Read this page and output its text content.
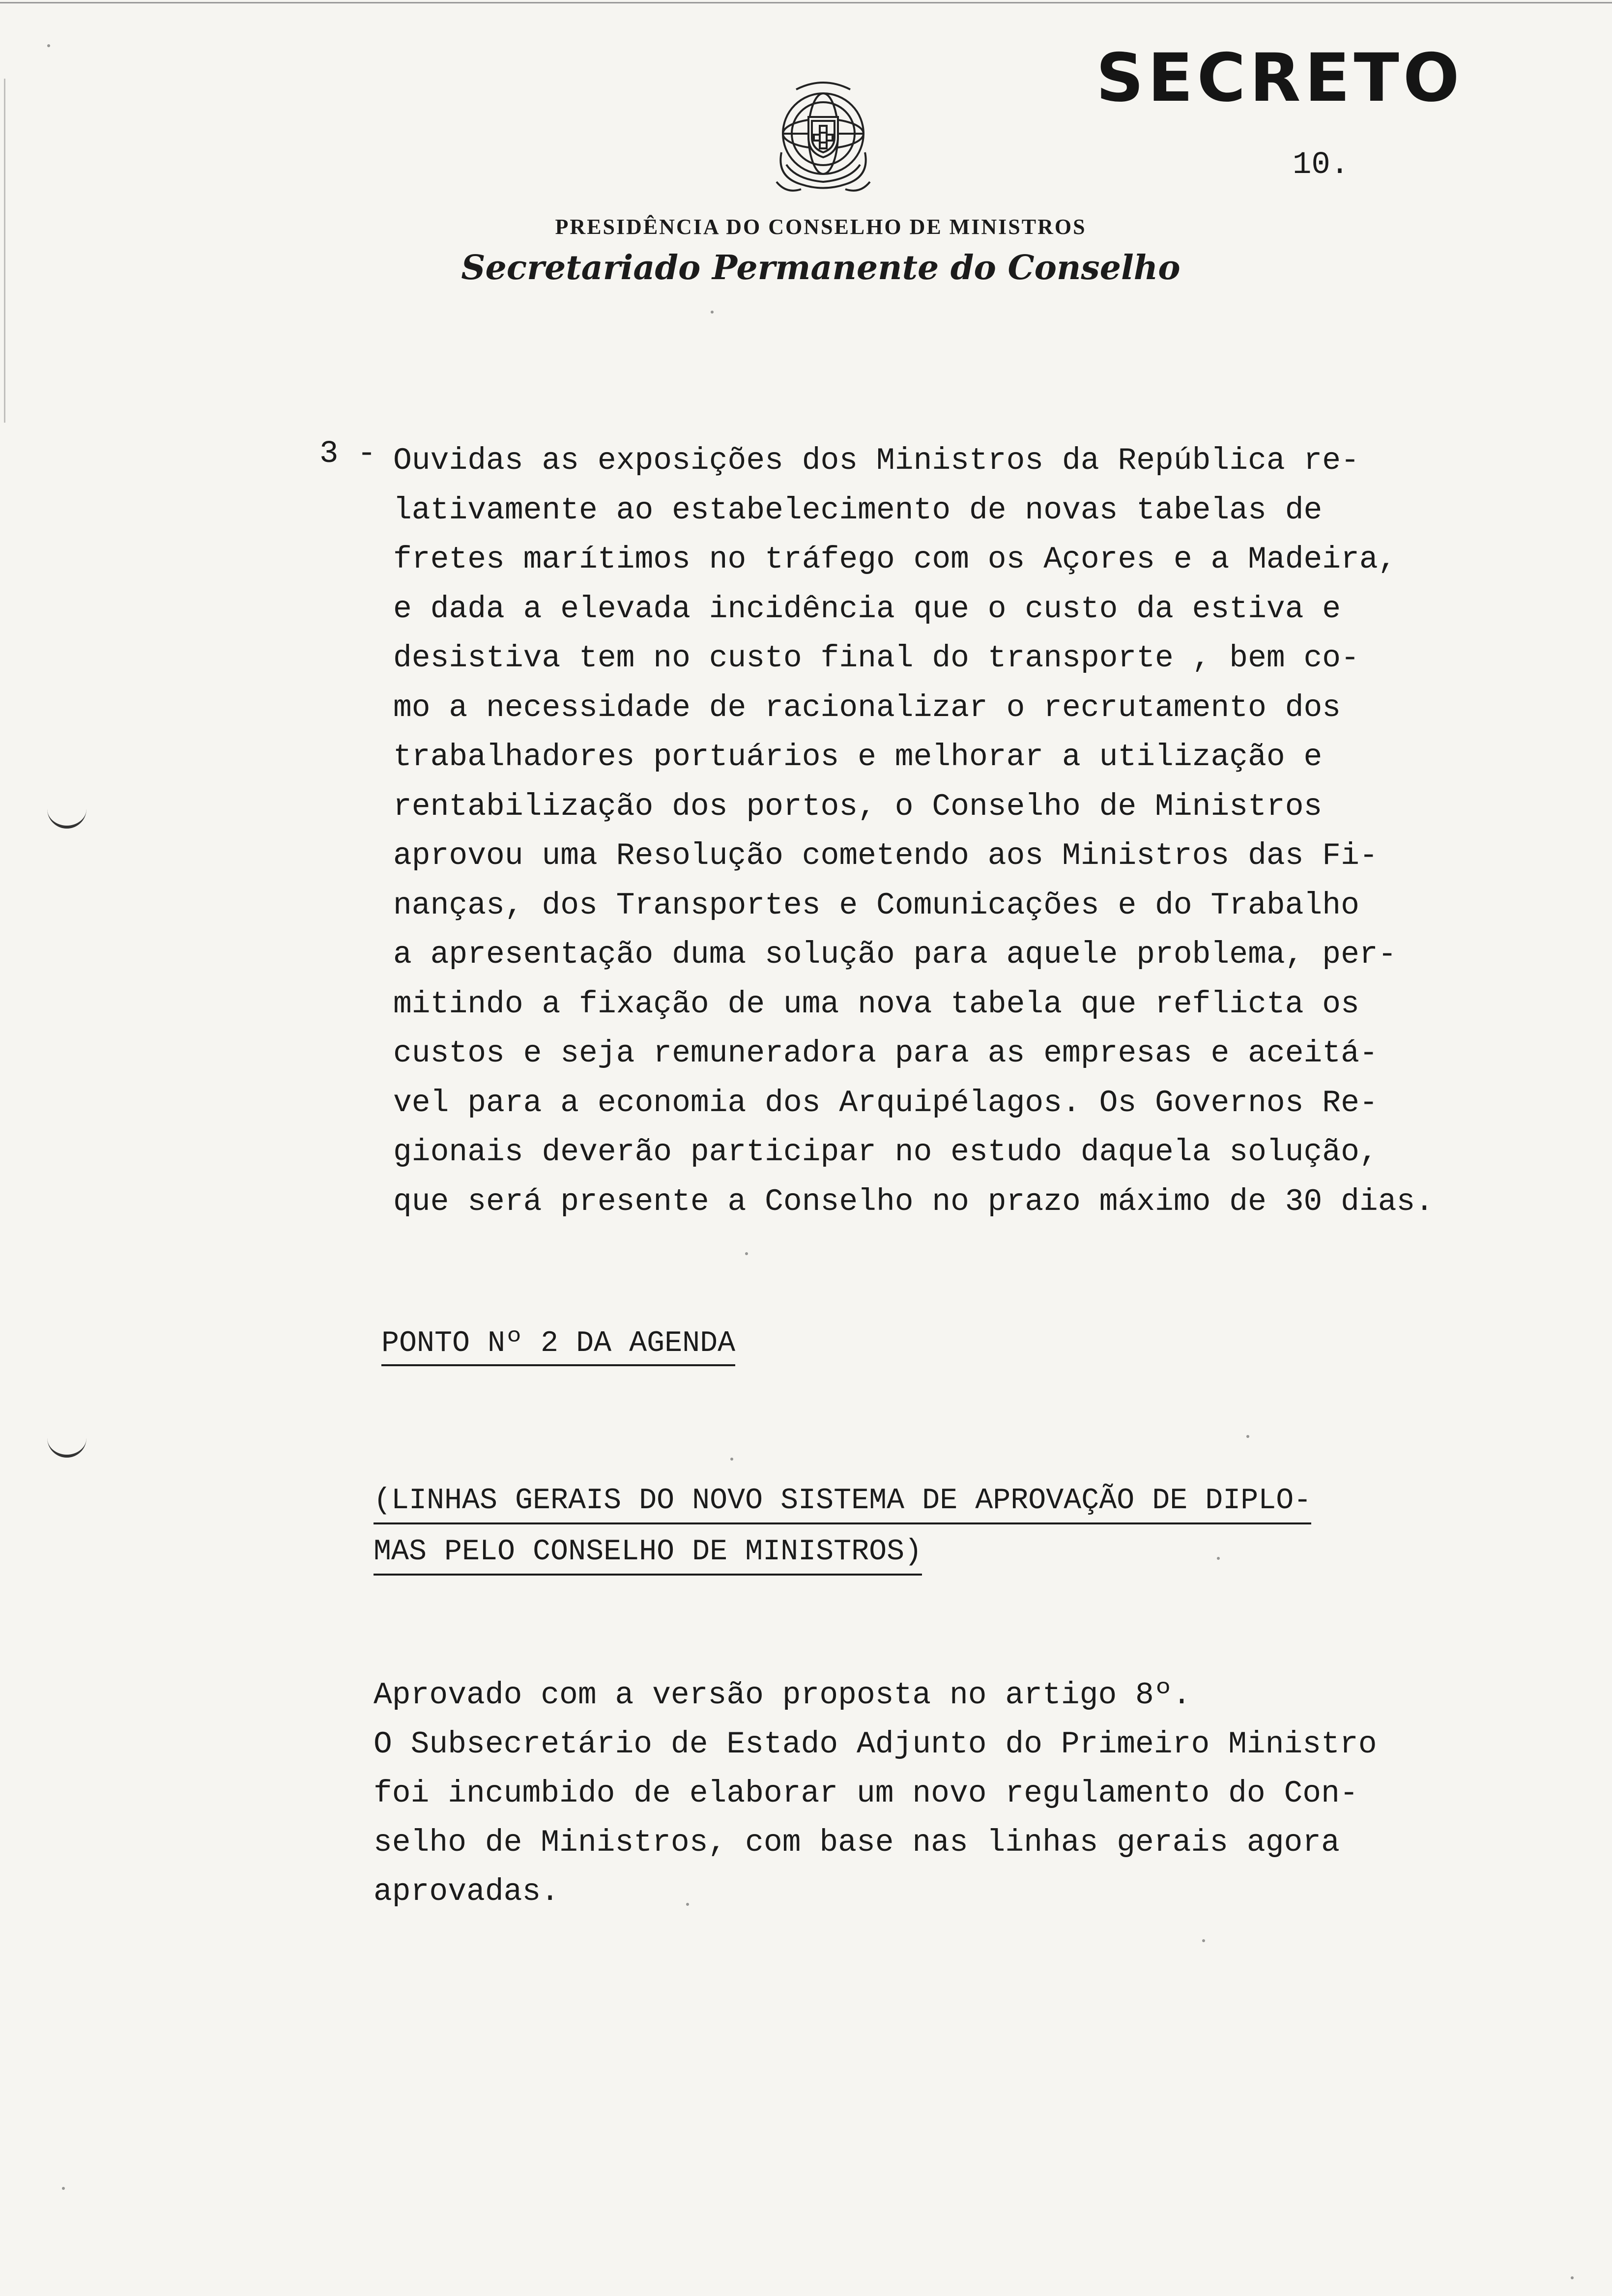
SECRETO
10.
PRESIDÊNCIA DO CONSELHO DE MINISTROS
Secretariado Permanente do Conselho
3 - Ouvidas as exposições dos Ministros da República re-
lativamente ao estabelecimento de novas tabelas de
fretes marítimos no tráfego com os Açores e a Madeira,
e dada a elevada incidência que o custo da estiva e
desistiva tem no custo final do transporte , bem co-
mo a necessidade de racionalizar o recrutamento dos
trabalhadores portuários e melhorar a utilização e
rentabilização dos portos, o Conselho de Ministros
aprovou uma Resolução cometendo aos Ministros das Fi-
nanças, dos Transportes e Comunicações e do Trabalho
a apresentação duma solução para aquele problema, per-
mitindo a fixação de uma nova tabela que reflicta os
custos e seja remuneradora para as empresas e aceitá-
vel para a economia dos Arquipélagos. Os Governos Re-
gionais deverão participar no estudo daquela solução,
que será presente a Conselho no prazo máximo de 30 dias.
PONTO Nº 2 DA AGENDA
(LINHAS GERAIS DO NOVO SISTEMA DE APROVAÇÃO DE DIPLO-
MAS PELO CONSELHO DE MINISTROS)
Aprovado com a versão proposta no artigo 8º.
O Subsecretário de Estado Adjunto do Primeiro Ministro
foi incumbido de elaborar um novo regulamento do Con-
selho de Ministros, com base nas linhas gerais agora
aprovadas.
